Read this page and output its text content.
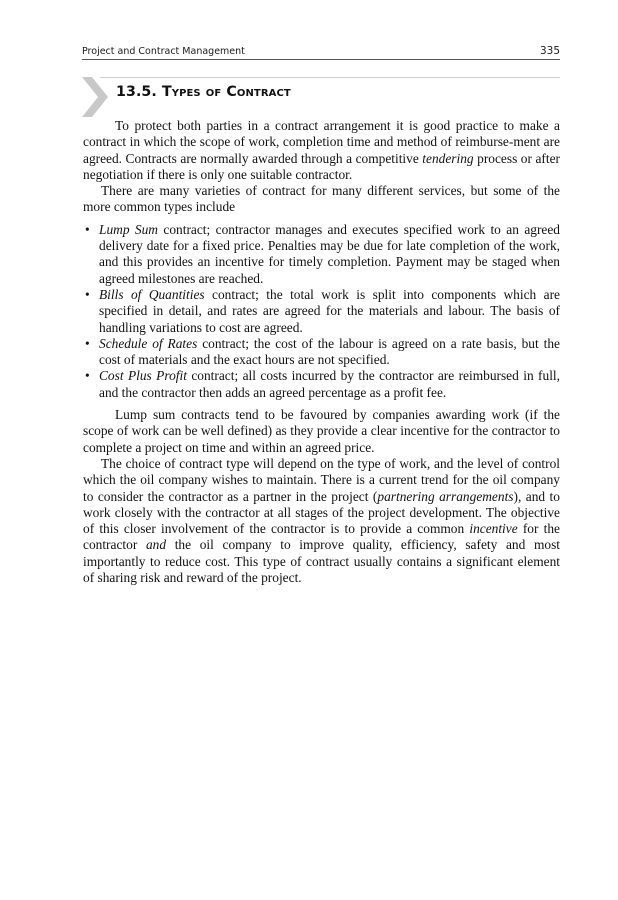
Project and Contract Management	335
13.5. Types of Contract

To protect both parties in a contract arrangement it is good practice to make a contract in which the scope of work, completion time and method of reimburse-ment are agreed. Contracts are normally awarded through a competitive tendering process or after negotiation if there is only one suitable contractor.

There are many varieties of contract for many different services, but some of the more common types include

• Lump Sum contract; contractor manages and executes specified work to an agreed delivery date for a fixed price. Penalties may be due for late completion of the work, and this provides an incentive for timely completion. Payment may be staged when agreed milestones are reached.
• Bills of Quantities contract; the total work is split into components which are specified in detail, and rates are agreed for the materials and labour. The basis of handling variations to cost are agreed.
• Schedule of Rates contract; the cost of the labour is agreed on a rate basis, but the cost of materials and the exact hours are not specified.
• Cost Plus Profit contract; all costs incurred by the contractor are reimbursed in full, and the contractor then adds an agreed percentage as a profit fee.

Lump sum contracts tend to be favoured by companies awarding work (if the scope of work can be well defined) as they provide a clear incentive for the contractor to complete a project on time and within an agreed price.

The choice of contract type will depend on the type of work, and the level of control which the oil company wishes to maintain. There is a current trend for the oil company to consider the contractor as a partner in the project (partnering arrangements), and to work closely with the contractor at all stages of the project development. The objective of this closer involvement of the contractor is to provide a common incentive for the contractor and the oil company to improve quality, efficiency, safety and most importantly to reduce cost. This type of contract usually contains a significant element of sharing risk and reward of the project.
